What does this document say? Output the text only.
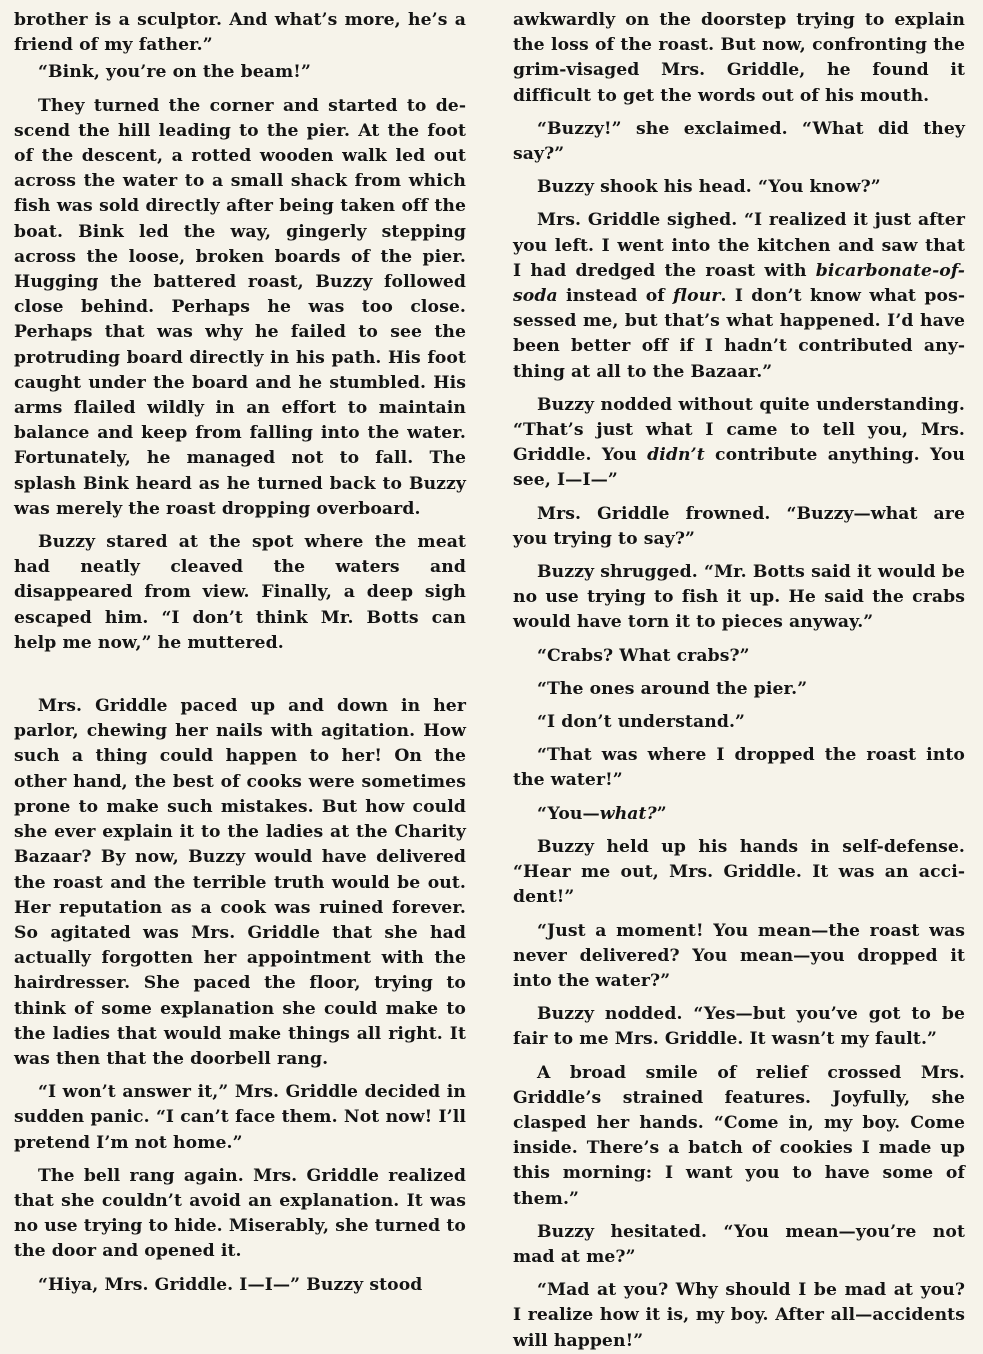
brother is a sculptor. And what’s more, he’s a friend of my father.”

“Bink, you’re on the beam!”

They turned the corner and started to descend the hill leading to the pier. At the foot of the descent, a rotted wooden walk led out across the water to a small shack from which fish was sold directly after being taken off the boat. Bink led the way, gingerly stepping across the loose, broken boards of the pier. Hugging the battered roast, Buzzy followed close behind. Perhaps he was too close. Perhaps that was why he failed to see the protruding board directly in his path. His foot caught under the board and he stumbled. His arms flailed wildly in an effort to maintain balance and keep from falling into the water. Fortunately, he managed not to fall. The splash Bink heard as he turned back to Buzzy was merely the roast dropping overboard.

Buzzy stared at the spot where the meat had neatly cleaved the waters and disappeared from view. Finally, a deep sigh escaped him. “I don’t think Mr. Botts can help me now,” he muttered.

Mrs. Griddle paced up and down in her parlor, chewing her nails with agitation. How such a thing could happen to her! On the other hand, the best of cooks were sometimes prone to make such mistakes. But how could she ever explain it to the ladies at the Charity Bazaar? By now, Buzzy would have delivered the roast and the terrible truth would be out. Her reputation as a cook was ruined forever. So agitated was Mrs. Griddle that she had actually forgotten her appointment with the hairdresser. She paced the floor, trying to think of some explanation she could make to the ladies that would make things all right. It was then that the doorbell rang.

“I won’t answer it,” Mrs. Griddle decided in sudden panic. “I can’t face them. Not now! I’ll pretend I’m not home.”

The bell rang again. Mrs. Griddle realized that she couldn’t avoid an explanation. It was no use trying to hide. Miserably, she turned to the door and opened it.

“Hiya, Mrs. Griddle. I—I—” Buzzy stood

awkwardly on the doorstep trying to explain the loss of the roast. But now, confronting the grim-visaged Mrs. Griddle, he found it difficult to get the words out of his mouth.

“Buzzy!” she exclaimed. “What did they say?”

Buzzy shook his head. “You know?”

Mrs. Griddle sighed. “I realized it just after you left. I went into the kitchen and saw that I had dredged the roast with bicarbonate-of-soda instead of flour. I don’t know what possessed me, but that’s what happened. I’d have been better off if I hadn’t contributed anything at all to the Bazaar.”

Buzzy nodded without quite understanding. “That’s just what I came to tell you, Mrs. Griddle. You didn’t contribute anything. You see, I—I—”

Mrs. Griddle frowned. “Buzzy—what are you trying to say?”

Buzzy shrugged. “Mr. Botts said it would be no use trying to fish it up. He said the crabs would have torn it to pieces anyway.”

“Crabs? What crabs?”

“The ones around the pier.”

“I don’t understand.”

“That was where I dropped the roast into the water!”

“You—what?”

Buzzy held up his hands in self-defense. “Hear me out, Mrs. Griddle. It was an accident!”

“Just a moment! You mean—the roast was never delivered? You mean—you dropped it into the water?”

Buzzy nodded. “Yes—but you’ve got to be fair to me Mrs. Griddle. It wasn’t my fault.”

A broad smile of relief crossed Mrs. Griddle’s strained features. Joyfully, she clasped her hands. “Come in, my boy. Come inside. There’s a batch of cookies I made up this morning: I want you to have some of them.”

Buzzy hesitated. “You mean—you’re not mad at me?”

“Mad at you? Why should I be mad at you? I realize how it is, my boy. After all—accidents will happen!”
